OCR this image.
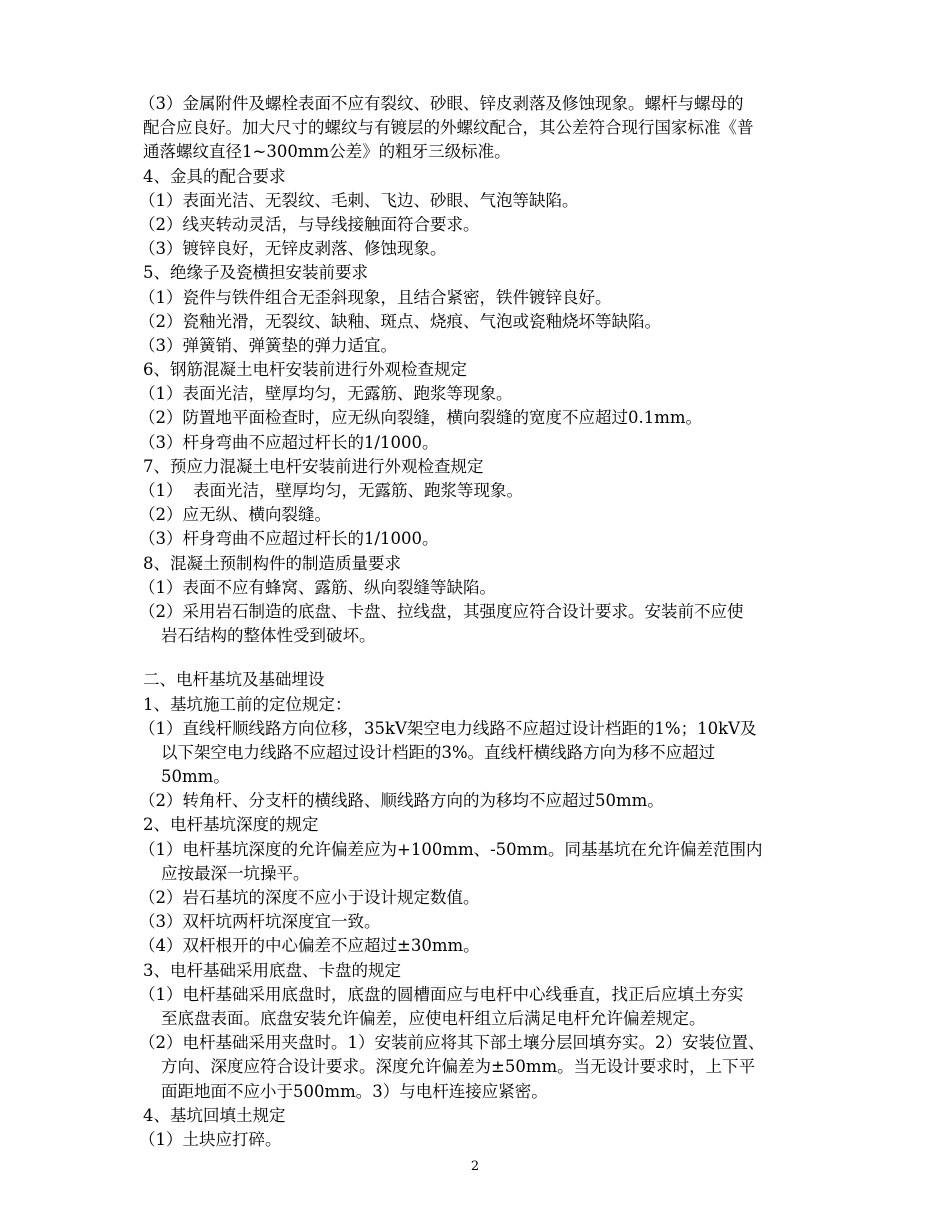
（3）金属附件及螺栓表面不应有裂纹、砂眼、锌皮剥落及修蚀现象。螺杆与螺母的
配合应良好。加大尺寸的螺纹与有镀层的外螺纹配合，其公差符合现行国家标准《普
通落螺纹直径1~300mm公差》的粗牙三级标准。
4、金具的配合要求
（1）表面光洁、无裂纹、毛刺、飞边、砂眼、气泡等缺陷。
（2）线夹转动灵活，与导线接触面符合要求。
（3）镀锌良好，无锌皮剥落、修蚀现象。
5、绝缘子及瓷横担安装前要求
（1）瓷件与铁件组合无歪斜现象，且结合紧密，铁件镀锌良好。
（2）瓷釉光滑，无裂纹、缺釉、斑点、烧痕、气泡或瓷釉烧坏等缺陷。
（3）弹簧销、弹簧垫的弹力适宜。
6、钢筋混凝土电杆安装前进行外观检查规定
（1）表面光洁，壁厚均匀，无露筋、跑浆等现象。
（2）防置地平面检查时，应无纵向裂缝，横向裂缝的宽度不应超过0.1mm。
（3）杆身弯曲不应超过杆长的1/1000。
7、预应力混凝土电杆安装前进行外观检查规定
（1）  表面光洁，壁厚均匀，无露筋、跑浆等现象。
（2）应无纵、横向裂缝。
（3）杆身弯曲不应超过杆长的1/1000。
8、混凝土预制构件的制造质量要求
（1）表面不应有蜂窝、露筋、纵向裂缝等缺陷。
（2）采用岩石制造的底盘、卡盘、拉线盘，其强度应符合设计要求。安装前不应使
岩石结构的整体性受到破坏。
二、电杆基坑及基础埋设
1、基坑施工前的定位规定：
（1）直线杆顺线路方向位移，35kV架空电力线路不应超过设计档距的1%；10kV及
以下架空电力线路不应超过设计档距的3%。直线杆横线路方向为移不应超过
50mm。
（2）转角杆、分支杆的横线路、顺线路方向的为移均不应超过50mm。
2、电杆基坑深度的规定
（1）电杆基坑深度的允许偏差应为+100mm、-50mm。同基基坑在允许偏差范围内
应按最深一坑操平。
（2）岩石基坑的深度不应小于设计规定数值。
（3）双杆坑两杆坑深度宜一致。
（4）双杆根开的中心偏差不应超过±30mm。
3、电杆基础采用底盘、卡盘的规定
（1）电杆基础采用底盘时，底盘的圆槽面应与电杆中心线垂直，找正后应填土夯实
至底盘表面。底盘安装允许偏差，应使电杆组立后满足电杆允许偏差规定。
（2）电杆基础采用夹盘时。1）安装前应将其下部土壤分层回填夯实。2）安装位置、
方向、深度应符合设计要求。深度允许偏差为±50mm。当无设计要求时，上下平
面距地面不应小于500mm。3）与电杆连接应紧密。
4、基坑回填土规定
（1）土块应打碎。
2
